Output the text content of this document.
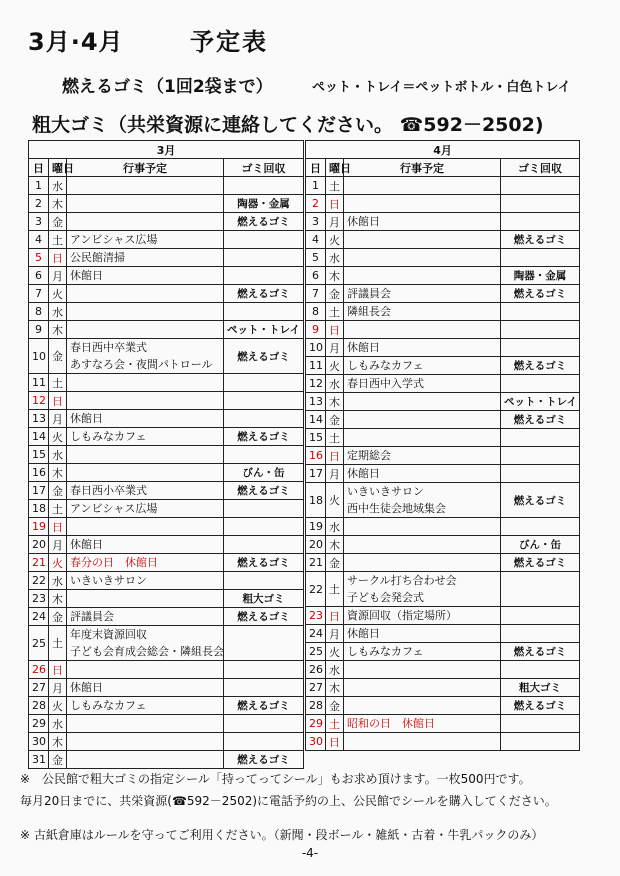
3月·4月	予定表
燃えるゴミ（1回2袋まで）	ペット・トレイ＝ペットボトル・白色トレイ
粗大ゴミ（共栄資源に連絡してください。 ☎592－2502)
3月			
日	曜日	行事予定	ゴミ回収
1	水		
2	木		陶器・金属
3	金		燃えるゴミ
4	土	アンビシャス広場	

5	日	公民館清掃	

6	月	休館日	

7	火		燃えるゴミ
8	水		
9	木		ペット・トレイ
10	金	春日西中卒業式
あすなろ会・夜間パトロール	燃えるゴミ
11	土		
12	日		
13	月	休館日	

14	火	しもみなカフェ	燃えるゴミ
15	水		
16	木		びん・缶
17	金	春日西小卒業式	燃えるゴミ
18	土	アンビシャス広場	

19	日		
20	月	休館日	

21	火	春分の日　休館日	燃えるゴミ
22	水	いきいきサロン	

23	木		粗大ゴミ
24	金	評議員会	燃えるゴミ
25	土	年度末資源回収
子ども会育成会総会・隣組長会	

26	日		
27	月	休館日	

28	火	しもみなカフェ	燃えるゴミ
29	水		
30	木		
31	金		燃えるゴミ
4月			
日	曜日	行事予定	ゴミ回収
1	土		
2	日		
3	月	休館日	

4	火		燃えるゴミ
5	水		
6	木		陶器・金属
7	金	評議員会	燃えるゴミ
8	土	隣組長会	

9	日		
10	月	休館日	

11	火	しもみなカフェ	燃えるゴミ
12	水	春日西中入学式	

13	木		ペット・トレイ
14	金		燃えるゴミ
15	土		
16	日	定期総会	

17	月	休館日	

18	火	いきいきサロン
西中生徒会地域集会	燃えるゴミ
19	水		
20	木		びん・缶
21	金		燃えるゴミ
22	土	サークル打ち合わせ会
子ども会発会式	

23	日	資源回収（指定場所）	

24	月	休館日	

25	火	しもみなカフェ	燃えるゴミ
26	水		
27	木		粗大ゴミ
28	金		燃えるゴミ
29	土	昭和の日　休館日	

30	日		
※　公民館で粗大ゴミの指定シール「持ってってシール」もお求め頂けます。一枚500円です。
毎月20日までに、共栄資源(☎592－2502)に電話予約の上、公民館でシールを購入してください。
※ 古紙倉庫はルールを守ってご利用ください。（新聞・段ボール・雑紙・古着・牛乳パックのみ）
-4-
